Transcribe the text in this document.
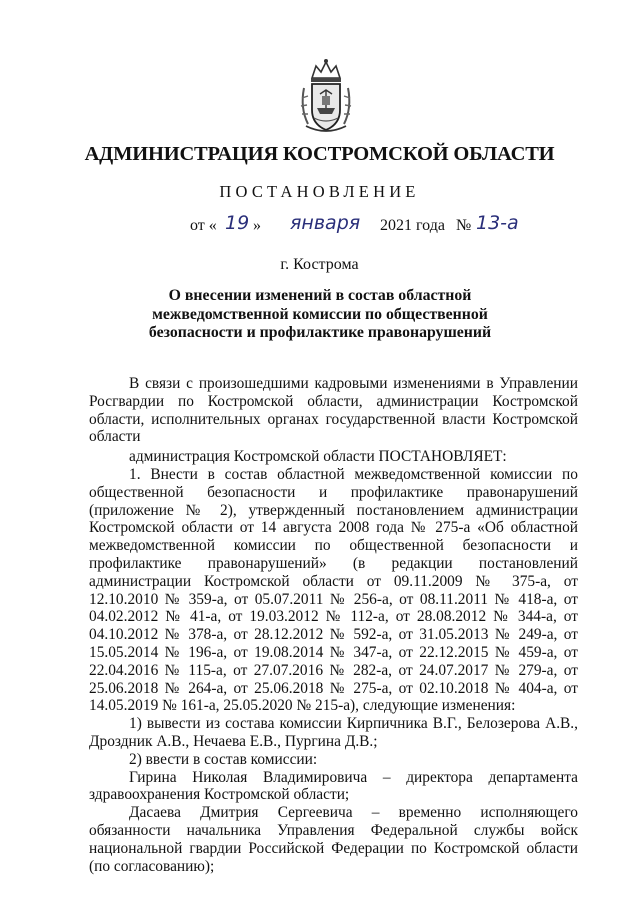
АДМИНИСТРАЦИЯ КОСТРОМСКОЙ ОБЛАСТИ
ПОСТАНОВЛЕНИЕ
от « 19 » января 2021 года № 13-а
г. Кострома
О внесении изменений в состав областной межведомственной комиссии по общественной безопасности и профилактике правонарушений

В связи с произошедшими кадровыми изменениями в Управлении Росгвардии по Костромской области, администрации Костромской области, исполнительных органах государственной власти Костромской области

администрация Костромской области ПОСТАНОВЛЯЕТ:

1. Внести в состав областной межведомственной комиссии по общественной безопасности и профилактике правонарушений (приложение № 2), утвержденный постановлением администрации Костромской области от 14 августа 2008 года № 275-а «Об областной межведомственной комиссии по общественной безопасности и профилактике правонарушений» (в редакции постановлений администрации Костромской области от 09.11.2009 № 375-а, от 12.10.2010 № 359-а, от 05.07.2011 № 256-а, от 08.11.2011 № 418-а, от 04.02.2012 № 41-а, от 19.03.2012 № 112-а, от 28.08.2012 № 344-а, от 04.10.2012 № 378-а, от 28.12.2012 № 592-а, от 31.05.2013 № 249-а, от 15.05.2014 № 196-а, от 19.08.2014 № 347-а, от 22.12.2015 № 459-а, от 22.04.2016 № 115-а, от 27.07.2016 № 282-а, от 24.07.2017 № 279-а, от 25.06.2018 № 264-а, от 25.06.2018 № 275-а, от 02.10.2018 № 404-а, от 14.05.2019 № 161-а, 25.05.2020 № 215-а), следующие изменения:

1) вывести из состава комиссии Кирпичника В.Г., Белозерова А.В., Дроздник А.В., Нечаева Е.В., Пургина Д.В.;

2) ввести в состав комиссии:

Гирина Николая Владимировича – директора департамента здравоохранения Костромской области;

Дасаева Дмитрия Сергеевича – временно исполняющего обязанности начальника Управления Федеральной службы войск национальной гвардии Российской Федерации по Костромской области (по согласованию);
